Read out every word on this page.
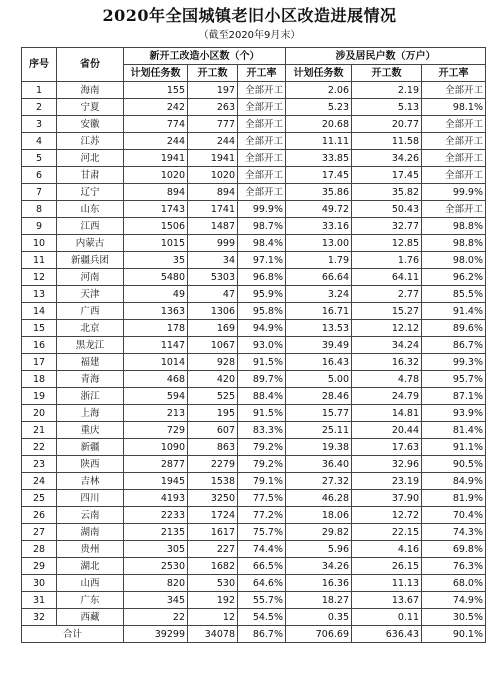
2020年全国城镇老旧小区改造进展情况
（截至2020年9月末）
序号	省份	新开工改造小区数（个）			涉及居民户数（万户）		
		计划任务数	开工数	开工率	计划任务数	开工数	开工率
1	海南	155	197	全部开工	2.06	2.19	全部开工
2	宁夏	242	263	全部开工	5.23	5.13	98.1%
3	安徽	774	777	全部开工	20.68	20.77	全部开工
4	江苏	244	244	全部开工	11.11	11.58	全部开工
5	河北	1941	1941	全部开工	33.85	34.26	全部开工
6	甘肃	1020	1020	全部开工	17.45	17.45	全部开工
7	辽宁	894	894	全部开工	35.86	35.82	99.9%
8	山东	1743	1741	99.9%	49.72	50.43	全部开工
9	江西	1506	1487	98.7%	33.16	32.77	98.8%
10	内蒙古	1015	999	98.4%	13.00	12.85	98.8%
11	新疆兵团	35	34	97.1%	1.79	1.76	98.0%
12	河南	5480	5303	96.8%	66.64	64.11	96.2%
13	天津	49	47	95.9%	3.24	2.77	85.5%
14	广西	1363	1306	95.8%	16.71	15.27	91.4%
15	北京	178	169	94.9%	13.53	12.12	89.6%
16	黑龙江	1147	1067	93.0%	39.49	34.24	86.7%
17	福建	1014	928	91.5%	16.43	16.32	99.3%
18	青海	468	420	89.7%	5.00	4.78	95.7%
19	浙江	594	525	88.4%	28.46	24.79	87.1%
20	上海	213	195	91.5%	15.77	14.81	93.9%
21	重庆	729	607	83.3%	25.11	20.44	81.4%
22	新疆	1090	863	79.2%	19.38	17.63	91.1%
23	陕西	2877	2279	79.2%	36.40	32.96	90.5%
24	吉林	1945	1538	79.1%	27.32	23.19	84.9%
25	四川	4193	3250	77.5%	46.28	37.90	81.9%
26	云南	2233	1724	77.2%	18.06	12.72	70.4%
27	湖南	2135	1617	75.7%	29.82	22.15	74.3%
28	贵州	305	227	74.4%	5.96	4.16	69.8%
29	湖北	2530	1682	66.5%	34.26	26.15	76.3%
30	山西	820	530	64.6%	16.36	11.13	68.0%
31	广东	345	192	55.7%	18.27	13.67	74.9%
32	西藏	22	12	54.5%	0.35	0.11	30.5%
合计		39299	34078	86.7%	706.69	636.43	90.1%
